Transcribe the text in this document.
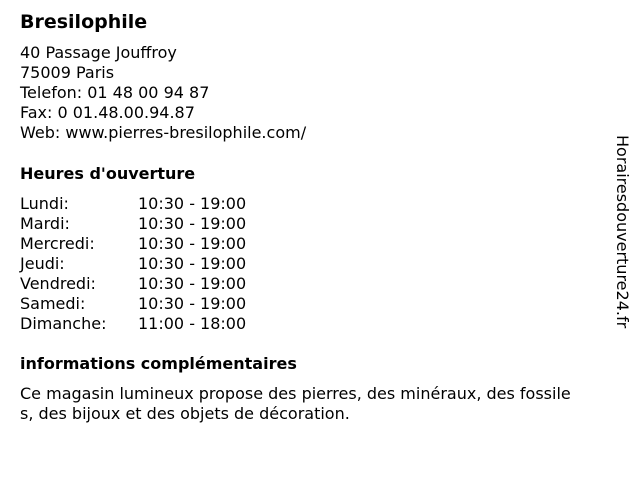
Bresilophile
40 Passage Jouffroy
75009 Paris
Telefon: 01 48 00 94 87
Fax: 0 01.48.00.94.87
Web: www.pierres-bresilophile.com/
Heures d'ouverture
Lundi:	10:30 - 19:00
Mardi:	10:30 - 19:00
Mercredi:	10:30 - 19:00
Jeudi:	10:30 - 19:00
Vendredi:	10:30 - 19:00
Samedi:	10:30 - 19:00
Dimanche: 11:00 - 18:00
informations complémentaires
Ce magasin lumineux propose des pierres, des minéraux, des fossile
s, des bijoux et des objets de décoration.
Horairesdouverture24.fr
